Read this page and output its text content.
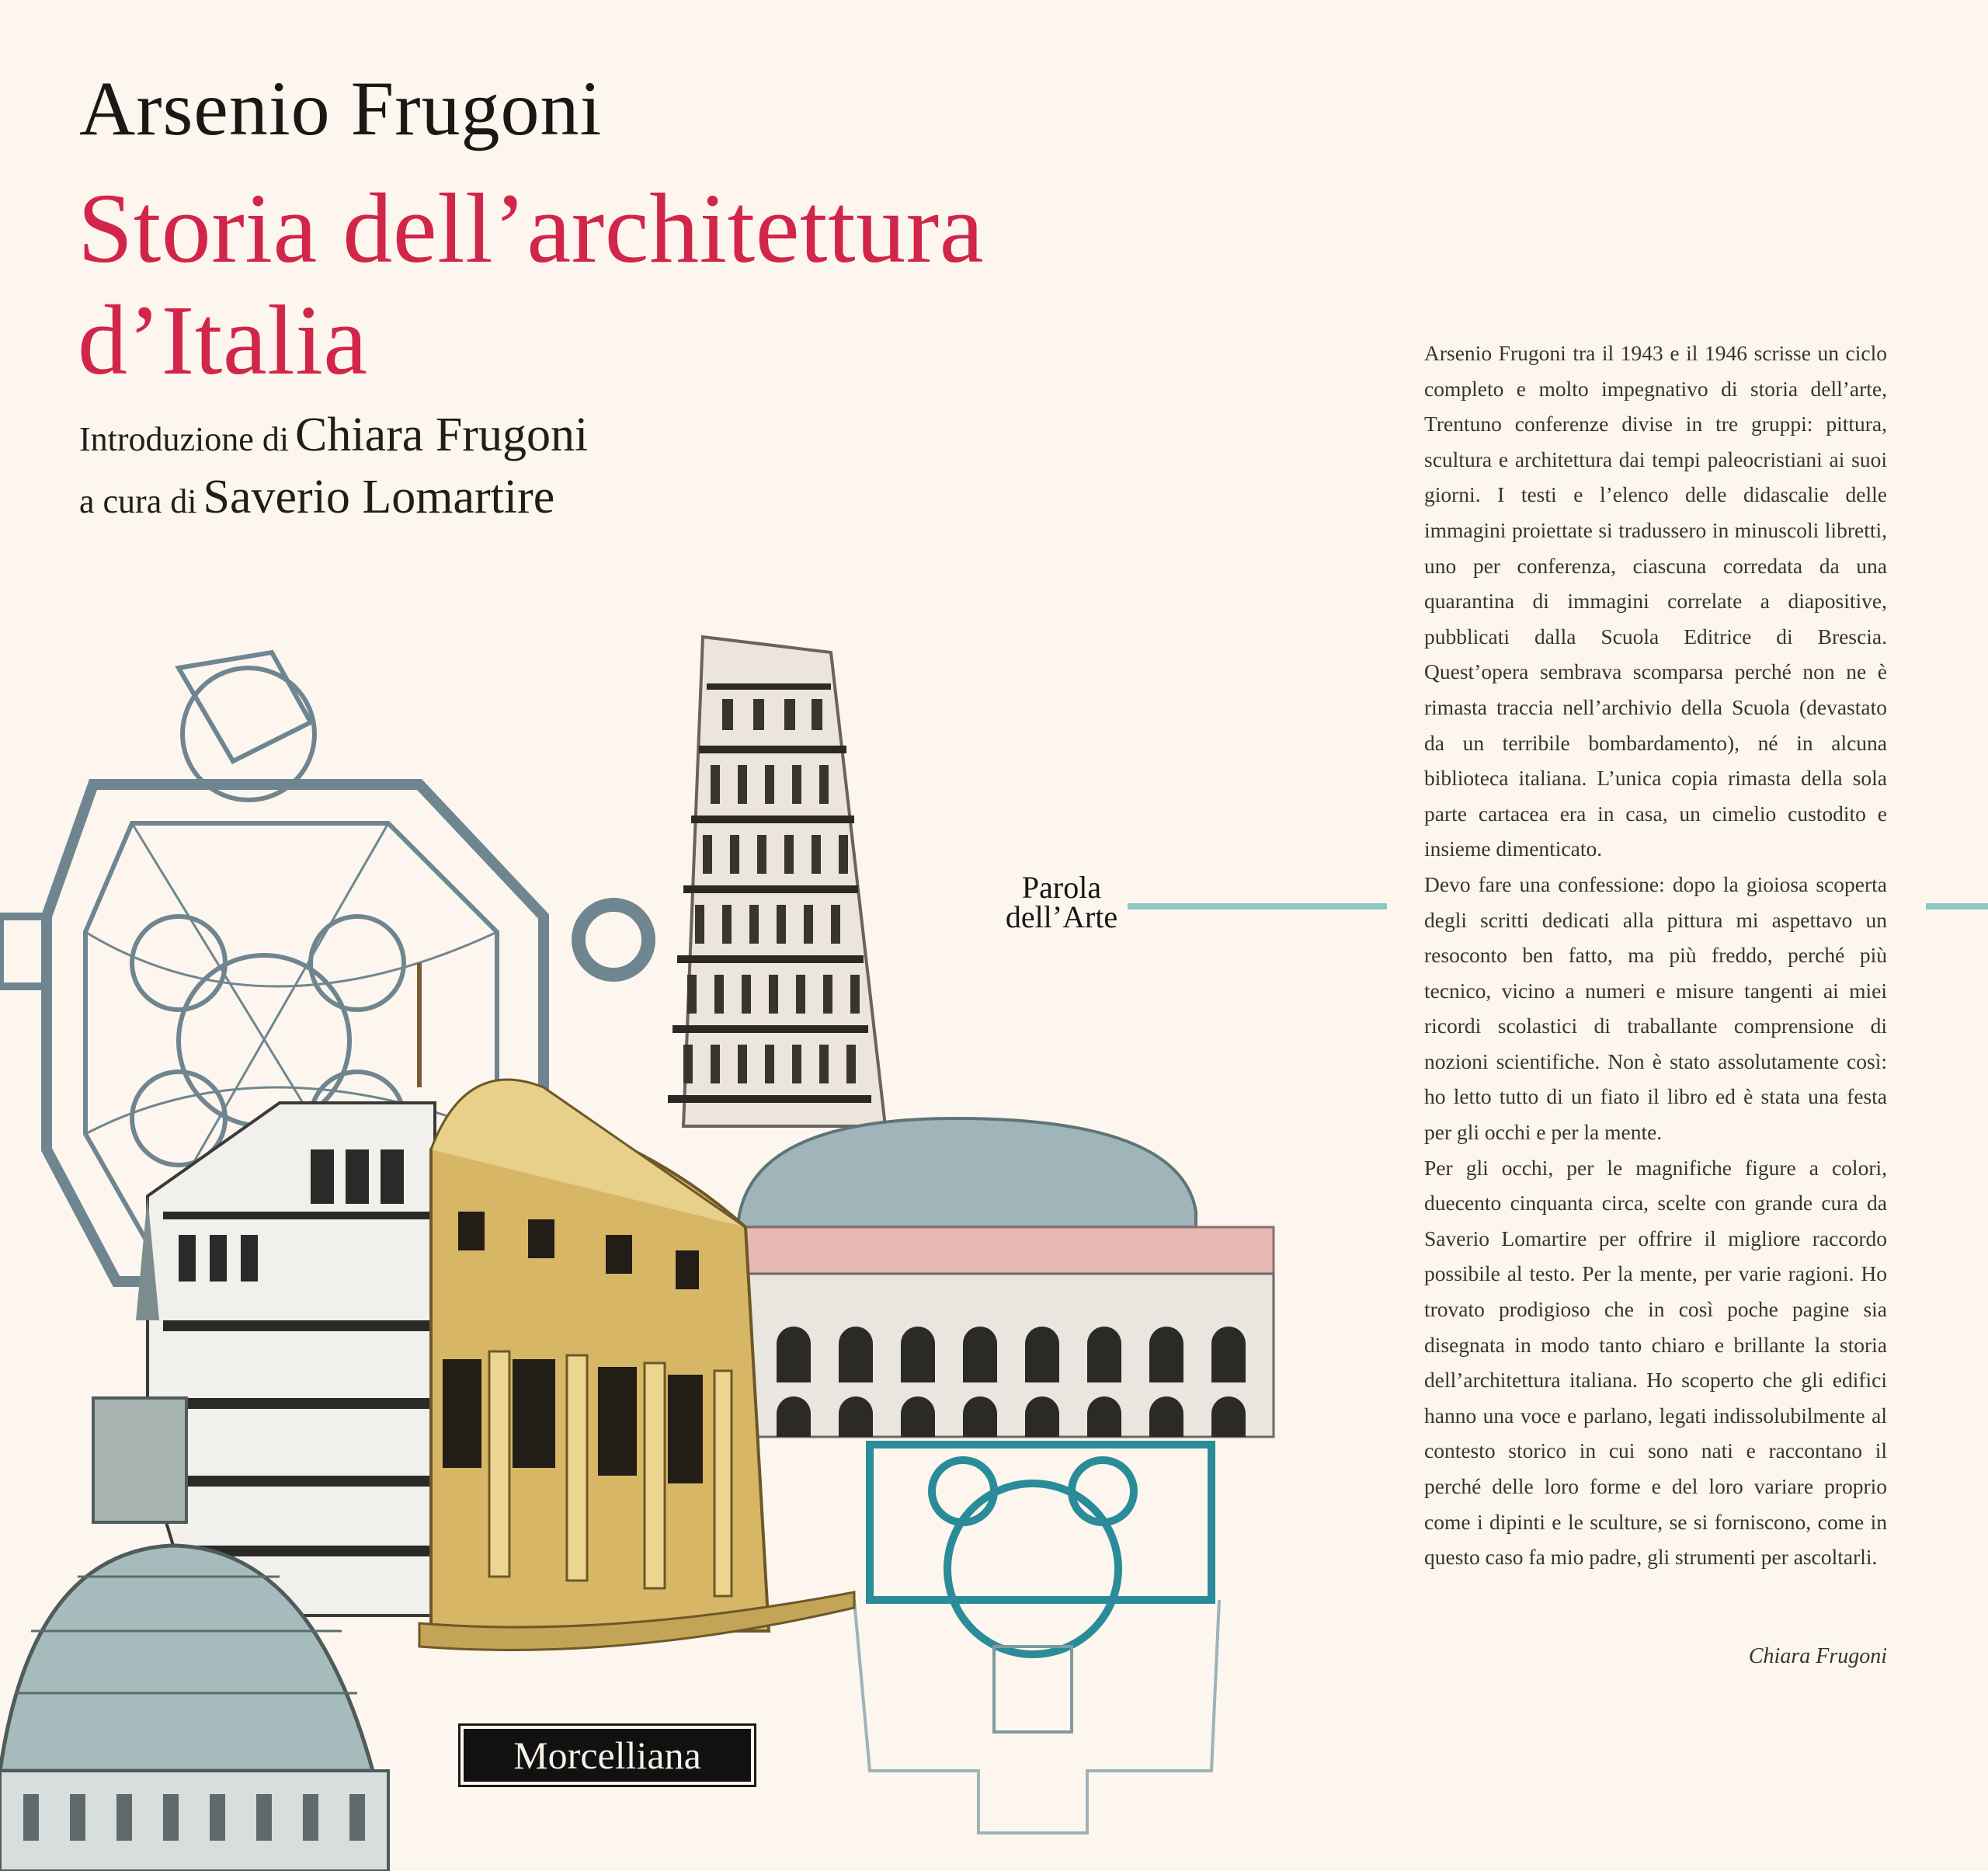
Arsenio Frugoni
Storia dell’architettura
d’Italia
Introduzione di Chiara Frugoni
a cura di Saverio Lomartire
Parola
dell’Arte

Arsenio Frugoni tra il 1943 e il 1946 scrisse un ciclo completo e molto impegnativo di storia dell’arte, Trentuno conferenze divise in tre gruppi: pittura, scultura e architettura dai tempi paleocristiani ai suoi giorni. I testi e l’elenco delle didascalie delle immagini proiettate si tradussero in minuscoli libretti, uno per conferenza, ciascuna corredata da una quarantina di immagini correlate a diapositive, pubblicati dalla Scuola Editrice di Brescia. Quest’opera sembrava scomparsa perché non ne è rimasta traccia nell’archivio della Scuola (devastato da un terribile bombardamento), né in alcuna biblioteca italiana. L’unica copia rimasta della sola parte cartacea era in casa, un cimelio custodito e insieme dimenticato.

Devo fare una confessione: dopo la gioiosa scoperta degli scritti dedicati alla pittura mi aspettavo un resoconto ben fatto, ma più freddo, perché più tecnico, vicino a numeri e misure tangenti ai miei ricordi scolastici di traballante comprensione di nozioni scientifiche. Non è stato assolutamente così: ho letto tutto di un fiato il libro ed è stata una festa per gli occhi e per la mente.

Per gli occhi, per le magnifiche figure a colori, duecento cinquanta circa, scelte con grande cura da Saverio Lomartire per offrire il migliore raccordo possibile al testo. Per la mente, per varie ragioni. Ho trovato prodigioso che in così poche pagine sia disegnata in modo tanto chiaro e brillante la storia dell’architettura italiana. Ho scoperto che gli edifici hanno una voce e parlano, legati indissolubilmente al contesto storico in cui sono nati e raccontano il perché delle loro forme e del loro variare proprio come i dipinti e le sculture, se si forniscono, come in questo caso fa mio padre, gli strumenti per ascoltarli.

Chiara Frugoni
Morcelliana
